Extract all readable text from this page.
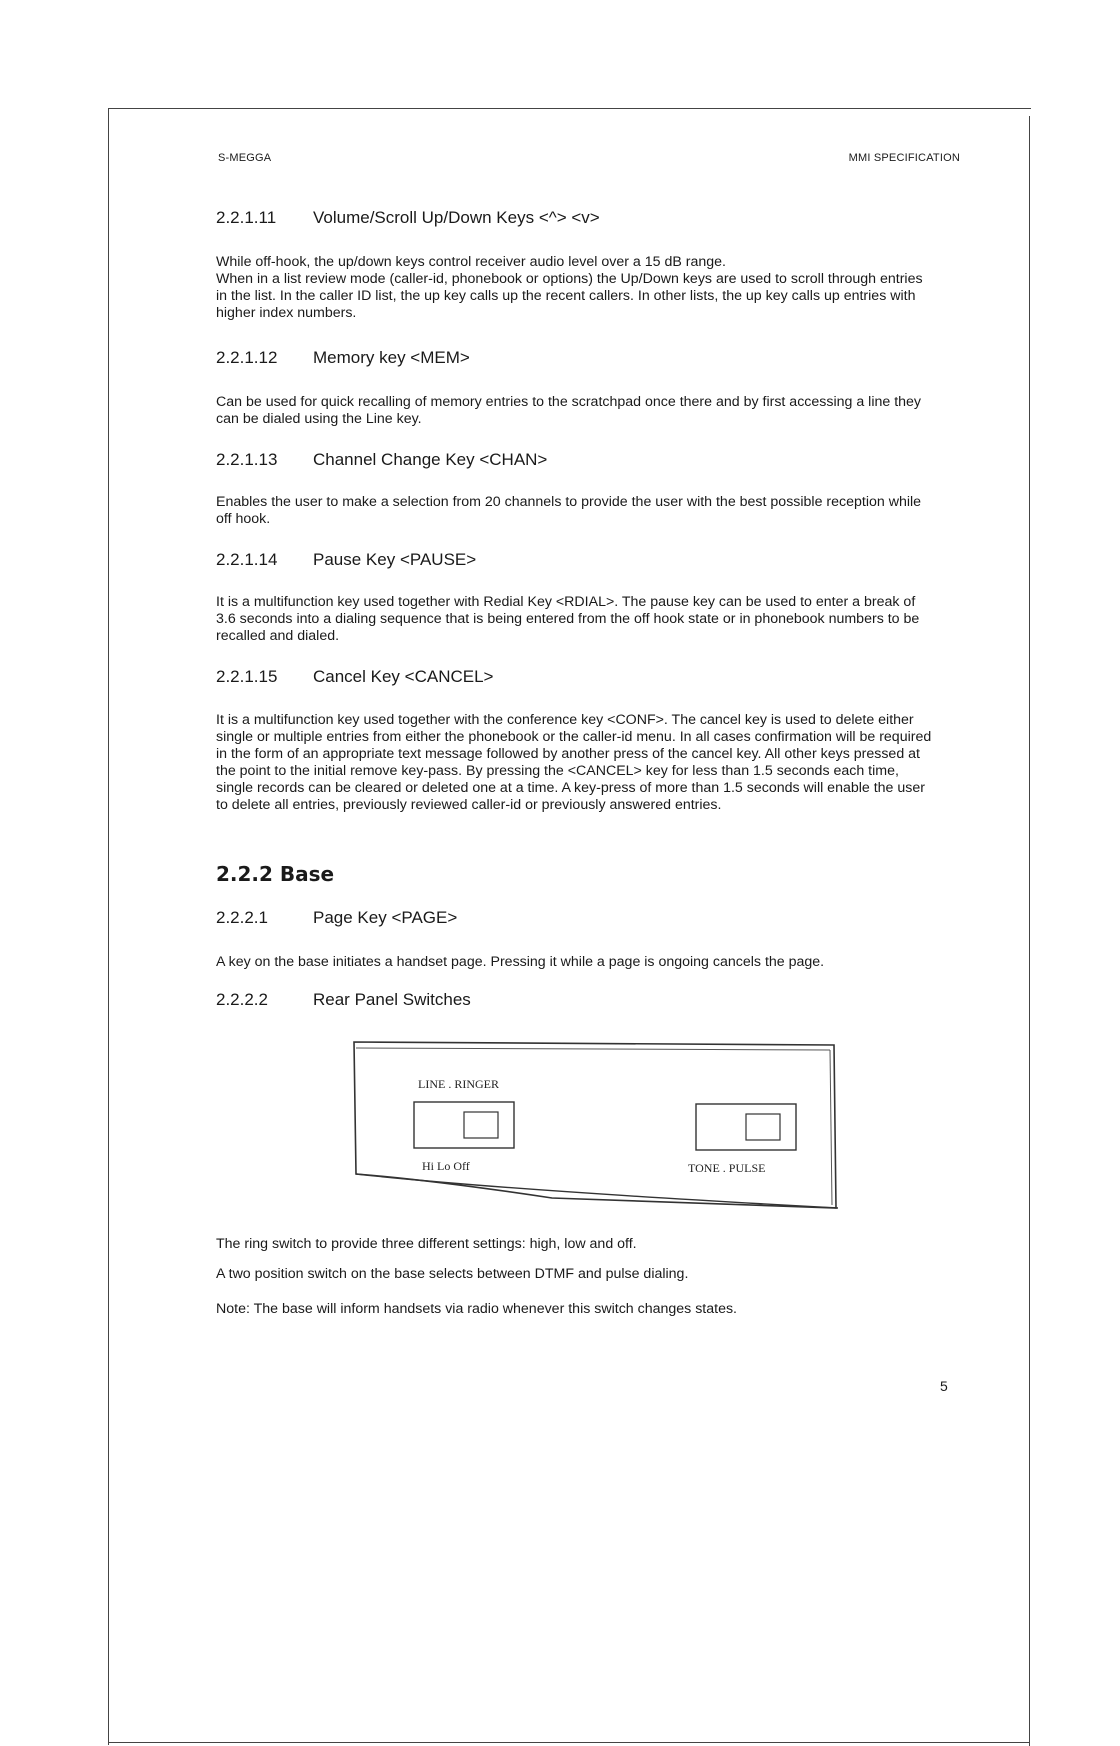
S-MEGGA	MMI SPECIFICATION
2.2.1.11	Volume/Scroll Up/Down Keys <^> <v>

While off-hook, the up/down keys control receiver audio level over a 15 dB range.

When in a list review mode (caller-id, phonebook or options) the Up/Down keys are used to scroll through entries in the list. In the caller ID list, the up key calls up the recent callers. In other lists, the up key calls up entries with higher index numbers.

2.2.1.12	Memory key <MEM>

Can be used for quick recalling of memory entries to the scratchpad once there and by first accessing a line they can be dialed using the Line key.

2.2.1.13	Channel Change Key <CHAN>

Enables the user to make a selection from 20 channels to provide the user with the best possible reception while off hook.

2.2.1.14	Pause Key <PAUSE>

It is a multifunction key used together with Redial Key <RDIAL>. The pause key can be used to enter a break of 3.6 seconds into a dialing sequence that is being entered from the off hook state or in phonebook numbers to be recalled and dialed.

2.2.1.15	Cancel Key <CANCEL>

It is a multifunction key used together with the conference key <CONF>. The cancel key is used to delete either single or multiple entries from either the phonebook or the caller-id menu. In all cases confirmation will be required in the form of an appropriate text message followed by another press of the cancel key. All other keys pressed at the point to the initial remove key-pass. By pressing the <CANCEL> key for less than 1.5 seconds each time, single records can be cleared or deleted one at a time. A key-press of more than 1.5 seconds will enable the user to delete all entries, previously reviewed caller-id or previously answered entries.

2.2.2 Base
2.2.2.1	Page Key <PAGE>

A key on the base initiates a handset page. Pressing it while a page is ongoing cancels the page.

2.2.2.2	Rear Panel Switches
LINE . RINGER
Hi Lo Off	TONE . PULSE

The ring switch to provide three different settings: high, low and off.

A two position switch on the base selects between DTMF and pulse dialing.

Note: The base will inform handsets via radio whenever this switch changes states.

5
